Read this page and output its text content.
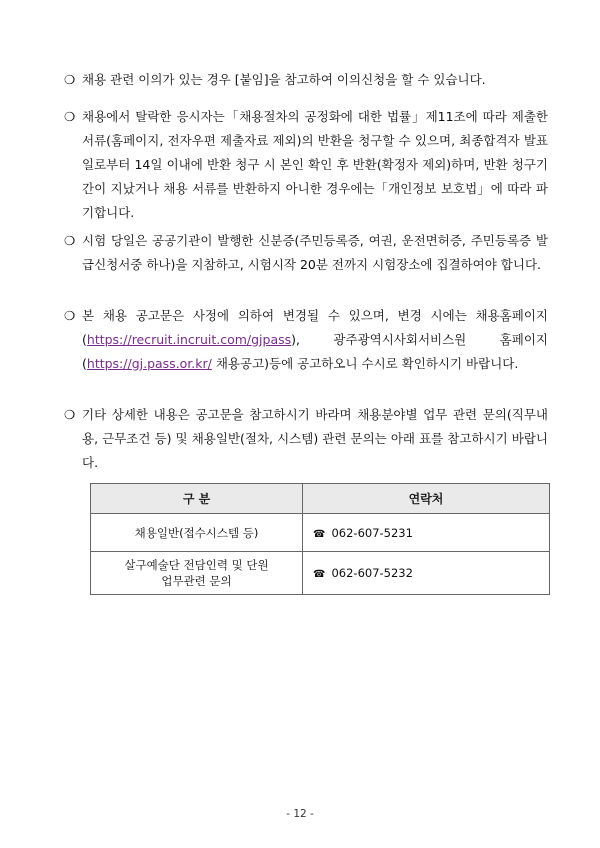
❍ 채용 관련 이의가 있는 경우 [붙임]을 참고하여 이의신청을 할 수 있습니다.
❍ 채용에서 탈락한 응시자는「채용절차의 공정화에 대한 법률」제11조에 따라 제출한 서류(홈페이지, 전자우편 제출자료 제외)의 반환을 청구할 수 있으며, 최종합격자 발표일로부터 14일 이내에 반환 청구 시 본인 확인 후 반환(확정자 제외)하며, 반환 청구기간이 지났거나 채용 서류를 반환하지 아니한 경우에는「개인정보 보호법」에 따라 파기합니다.
❍ 시험 당일은 공공기관이 발행한 신분증(주민등록증, 여권, 운전면허증, 주민등록증 발급신청서중 하나)을 지참하고, 시험시작 20분 전까지 시험장소에 집결하여야 합니다.
❍ 본 채용 공고문은 사정에 의하여 변경될 수 있으며, 변경 시에는 채용홈페이지(https://recruit.incruit.com/gjpass), 광주광역시사회서비스원 홈페이지(https://gj.pass.or.kr/ 채용공고)등에 공고하오니 수시로 확인하시기 바랍니다.
❍ 기타 상세한 내용은 공고문을 참고하시기 바라며 채용분야별 업무 관련 문의(직무내용, 근무조건 등) 및 채용일반(절차, 시스템) 관련 문의는 아래 표를 참고하시기 바랍니다.
구 분	연락처
채용일반(접수시스템 등)	☎ 062-607-5231
살구예술단 전담인력 및 단원
업무관련 문의	☎ 062-607-5232
- 12 -
